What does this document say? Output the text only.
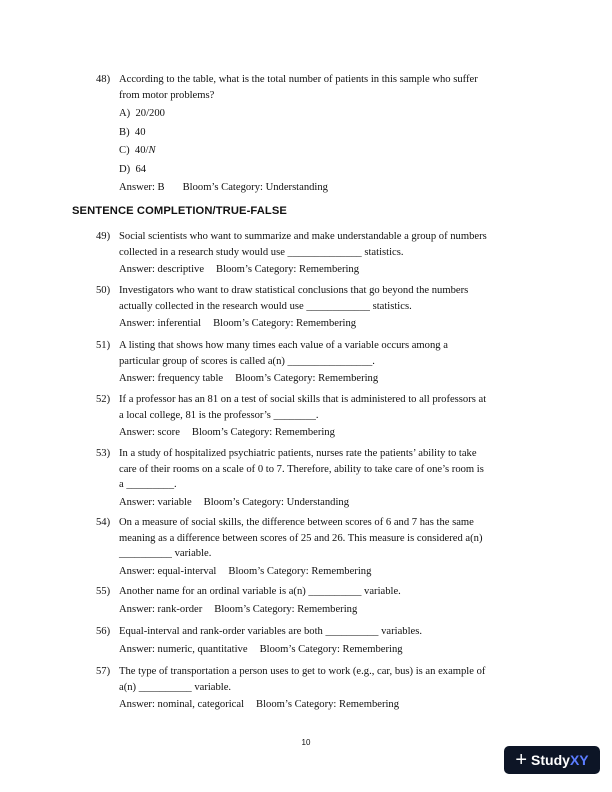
48) According to the table, what is the total number of patients in this sample who suffer
from motor problems?
A) 20/200
B) 40
C) 40/N
D) 64
Answer: B Bloom’s Category: Understanding
SENTENCE COMPLETION/TRUE-FALSE
49) Social scientists who want to summarize and make understandable a group of numbers
collected in a research study would use ______________ statistics.
Answer: descriptive Bloom’s Category: Remembering
50) Investigators who want to draw statistical conclusions that go beyond the numbers
actually collected in the research would use ____________ statistics.
Answer: inferential Bloom’s Category: Remembering
51) A listing that shows how many times each value of a variable occurs among a
particular group of scores is called a(n) ________________.
Answer: frequency table Bloom’s Category: Remembering
52) If a professor has an 81 on a test of social skills that is administered to all professors at
a local college, 81 is the professor’s ________.
Answer: score Bloom’s Category: Remembering
53) In a study of hospitalized psychiatric patients, nurses rate the patients’ ability to take
care of their rooms on a scale of 0 to 7. Therefore, ability to take care of one’s room is
a _________.
Answer: variable Bloom’s Category: Understanding
54) On a measure of social skills, the difference between scores of 6 and 7 has the same
meaning as a difference between scores of 25 and 26. This measure is considered a(n)
__________ variable.
Answer: equal-interval Bloom’s Category: Remembering
55) Another name for an ordinal variable is a(n) __________ variable.
Answer: rank-order Bloom’s Category: Remembering
56) Equal-interval and rank-order variables are both __________ variables.
Answer: numeric, quantitative Bloom’s Category: Remembering
57) The type of transportation a person uses to get to work (e.g., car, bus) is an example of
a(n) __________ variable.
Answer: nominal, categorical Bloom’s Category: Remembering
10
+ Study XY
